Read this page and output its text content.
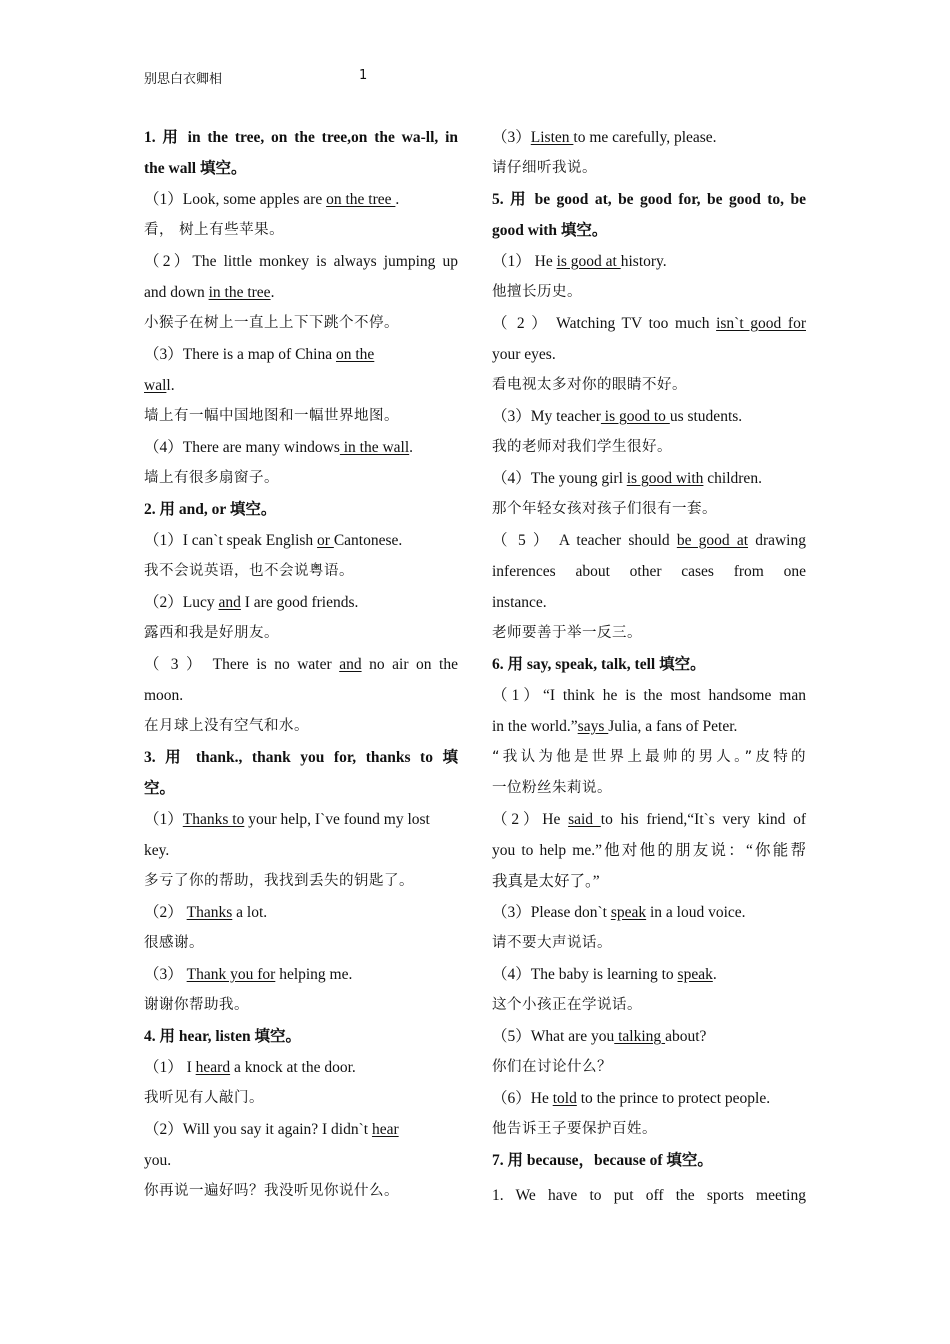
别思白衣卿相	1
1. 用 in the tree, on the tree,on the wa-ll, in
the wall 填空。
（1）Look, some apples are on the tree .
看， 树上有些苹果。
（2）The little monkey is always jumping up
and down in the tree.
小猴子在树上一直上上下下跳个不停。
（3）There is a map of China on the
wall.
墙上有一幅中国地图和一幅世界地图。
（4）There are many windows in the wall.
墙上有很多扇窗子。
2. 用 and, or 填空。
（1）I can`t speak English or Cantonese.
我不会说英语，也不会说粤语。
（2）Lucy and I are good friends.
露西和我是好朋友。
（ 3 ） There is no water and no air on the
moon.
在月球上没有空气和水。
3. 用 thank., thank you for, thanks to 填
空。
（1）Thanks to your help, I`ve found my lost
key.
多亏了你的帮助，我找到丢失的钥匙了。
（2） Thanks a lot.
很感谢。
（3） Thank you for helping me.
谢谢你帮助我。
4. 用 hear, listen 填空。
（1） I heard a knock at the door.
我听见有人敲门。
（2）Will you say it again? I didn`t hear
you.
你再说一遍好吗？我没听见你说什么。
（3）Listen to me carefully, please.
请仔细听我说。
5. 用 be good at, be good for, be good to, be
good with 填空。
（1） He is good at history.
他擅长历史。
（ 2 ） Watching TV too much isn`t good for
your eyes.
看电视太多对你的眼睛不好。
（3）My teacher is good to us students.
我的老师对我们学生很好。
（4）The young girl is good with children.
那个年轻女孩对孩子们很有一套。
（ 5 ） A teacher should be good at drawing
inferences about other cases from one
instance.
老师要善于举一反三。
6. 用 say, speak, talk, tell 填空。
（1）“I think he is the most handsome man
in the world.”says Julia, a fans of Peter.
“我认为他是世界上最帅的男人。”皮特的
一位粉丝朱莉说。
（2）He said to his friend,“It`s very kind of
you to help me.”他对他的朋友说：“你能帮
我真是太好了。”
（3）Please don`t speak in a loud voice.
请不要大声说话。
（4）The baby is learning to speak.
这个小孩正在学说话。
（5）What are you talking about?
你们在讨论什么？
（6）He told to the prince to protect people.
他告诉王子要保护百姓。
7. 用 because，because of 填空。
1. We have to put off the sports meeting
